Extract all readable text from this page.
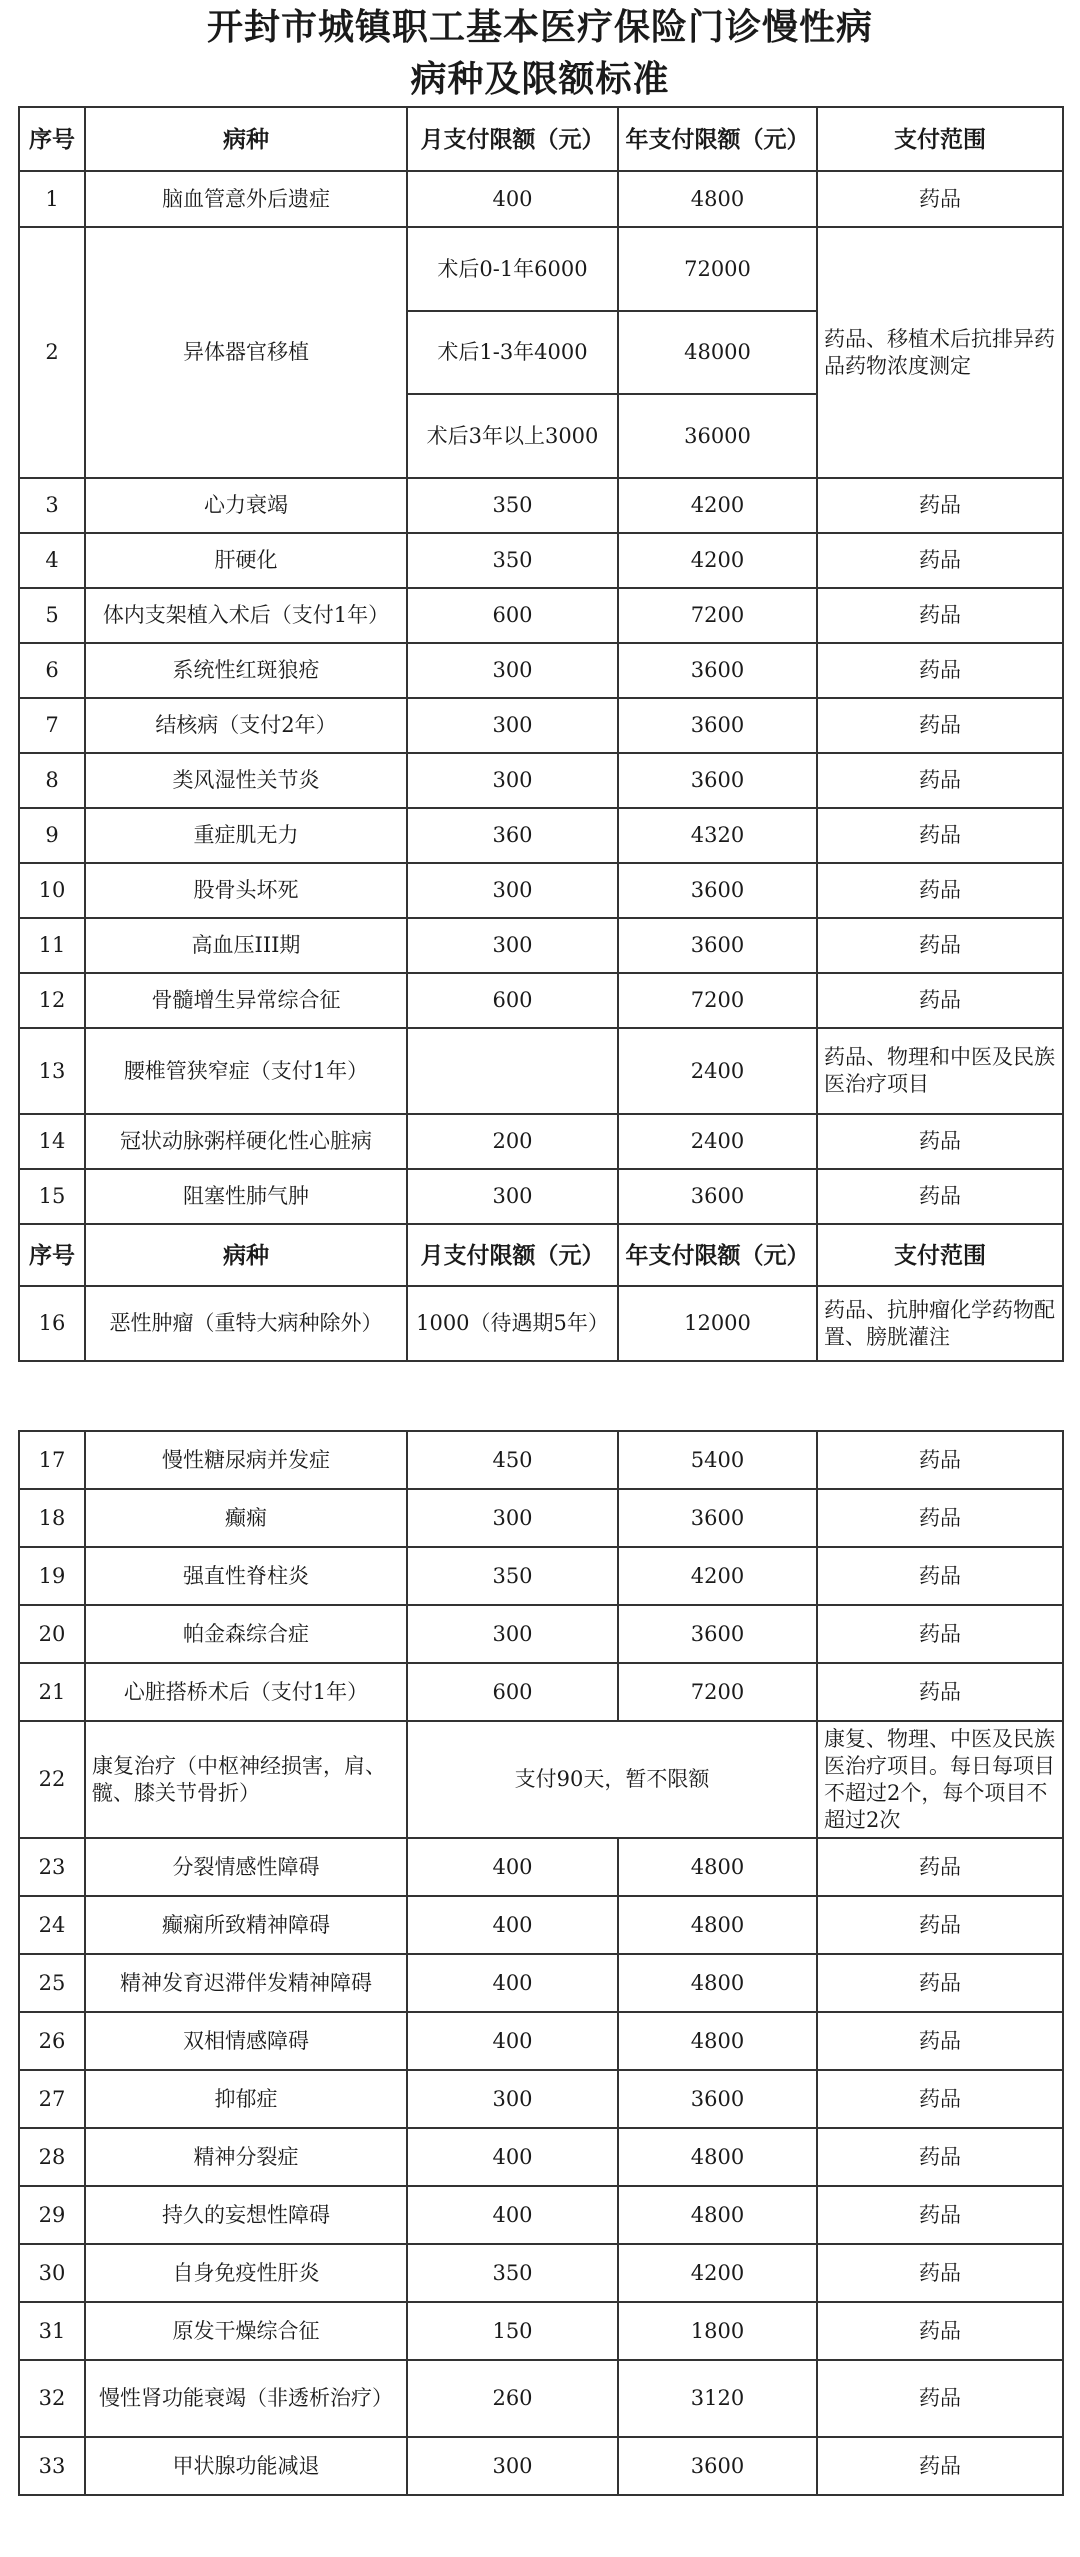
开封市城镇职工基本医疗保险门诊慢性病
病种及限额标准
序号	病种	月支付限额（元）	年支付限额（元）	支付范围
1	脑血管意外后遗症	400	4800	药品
2	异体器官移植	术后0-1年6000	72000	药品、移植术后抗排异药品药物浓度测定
		术后1-3年4000	48000	
		术后3年以上3000	36000	
3	心力衰竭	350	4200	药品
4	肝硬化	350	4200	药品
5	体内支架植入术后（支付1年）	600	7200	药品
6	系统性红斑狼疮	300	3600	药品
7	结核病（支付2年）	300	3600	药品
8	类风湿性关节炎	300	3600	药品
9	重症肌无力	360	4320	药品
10	股骨头坏死	300	3600	药品
11	高血压III期	300	3600	药品
12	骨髓增生异常综合征	600	7200	药品
13	腰椎管狭窄症（支付1年）		2400	药品、物理和中医及民族医治疗项目
14	冠状动脉粥样硬化性心脏病	200	2400	药品
15	阻塞性肺气肿	300	3600	药品
序号	病种	月支付限额（元）	年支付限额（元）	支付范围
16	恶性肿瘤（重特大病种除外）	1000（待遇期5年）	12000	药品、抗肿瘤化学药物配置、膀胱灌注
17	慢性糖尿病并发症	450	5400	药品
18	癫痫	300	3600	药品
19	强直性脊柱炎	350	4200	药品
20	帕金森综合症	300	3600	药品
21	心脏搭桥术后（支付1年）	600	7200	药品
22	康复治疗（中枢神经损害，肩、髋、膝关节骨折）	支付90天，暂不限额		康复、物理、中医及民族医治疗项目。每日每项目不超过2个，每个项目不超过2次
23	分裂情感性障碍	400	4800	药品
24	癫痫所致精神障碍	400	4800	药品
25	精神发育迟滞伴发精神障碍	400	4800	药品
26	双相情感障碍	400	4800	药品
27	抑郁症	300	3600	药品
28	精神分裂症	400	4800	药品
29	持久的妄想性障碍	400	4800	药品
30	自身免疫性肝炎	350	4200	药品
31	原发干燥综合征	150	1800	药品
32	慢性肾功能衰竭（非透析治疗）	260	3120	药品
33	甲状腺功能减退	300	3600	药品
